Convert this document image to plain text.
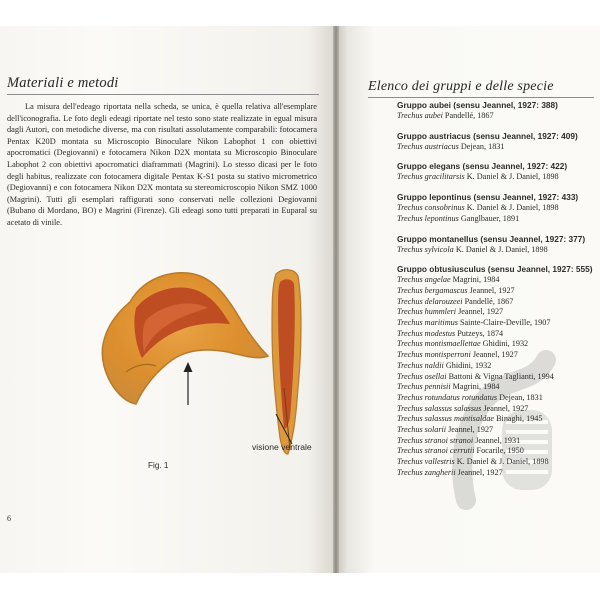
Materiali e metodi
La misura dell'edeago riportata nella scheda, se unica, è quella relativa all'esemplare dell'iconografia. Le foto degli edeagi riportate nel testo sono state realizzate in egual misura dagli Autori, con metodiche diverse, ma con risultati assolutamente comparabili: fotocamera Pentax K20D montata su Microscopio Binoculare Nikon Labophot 1 con obiettivi apocromatici (Degiovanni) e fotocamera Nikon D2X montata su Microscopio Binoculare Labophot 2 con obiettivi apocromatici diaframmati (Magrini). Lo stesso dicasi per le foto degli habitus, realizzate con fotocamera digitale Pentax K-S1 posta su stativo micrometrico (Degiovanni) e con fotocamera Nikon D2X montata su stereomicroscopio Nikon SMZ 1000 (Magrini). Tutti gli esemplari raffigurati sono conservati nelle collezioni Degiovanni (Bubano di Mordano, BO) e Magrini (Firenze). Gli edeagi sono tutti preparati in Euparal su acetato di vinile.
visione ventrale
Fig. 1
6
Elenco dei gruppi e delle specie
Gruppo aubei (sensu Jeannel, 1927: 388)
Trechus aubei Pandellé, 1867
Gruppo austriacus (sensu Jeannel, 1927: 409)
Trechus austriacus Dejean, 1831
Gruppo elegans (sensu Jeannel, 1927: 422)
Trechus gracilitarsis K. Daniel & J. Daniel, 1898
Gruppo lepontinus (sensu Jeannel, 1927: 433)
Trechus consobrinus K. Daniel & J. Daniel, 1898
Trechus lepontinus Ganglbauer, 1891
Gruppo montanellus (sensu Jeannel, 1927: 377)
Trechus sylvicola K. Daniel & J. Daniel, 1898
Gruppo obtusiusculus (sensu Jeannel, 1927: 555)
Trechus angelae Magrini, 1984
Trechus bergamascus Jeannel, 1927
Trechus delarouzeei Pandellé, 1867
Trechus hummleri Jeannel, 1927
Trechus maritimus Sainte-Claire-Deville, 1907
Trechus modestus Putzeys, 1874
Trechus montismaellettae Ghidini, 1932
Trechus montisperroni Jeannel, 1927
Trechus naldii Ghidini, 1932
Trechus osellai Battoni & Vigna Taglianti, 1994
Trechus pennisii Magrini, 1984
Trechus rotundatus rotundatus Dejean, 1831
Trechus salassus salassus Jeannel, 1927
Trechus salassus montisaldae Binaghi, 1945
Trechus solarii Jeannel, 1927
Trechus stranoi stranoi Jeannel, 1931
Trechus stranoi cerrutii Focarile, 1950
Trechus vallestris K. Daniel & J. Daniel, 1898
Trechus zangherii Jeannel, 1927
